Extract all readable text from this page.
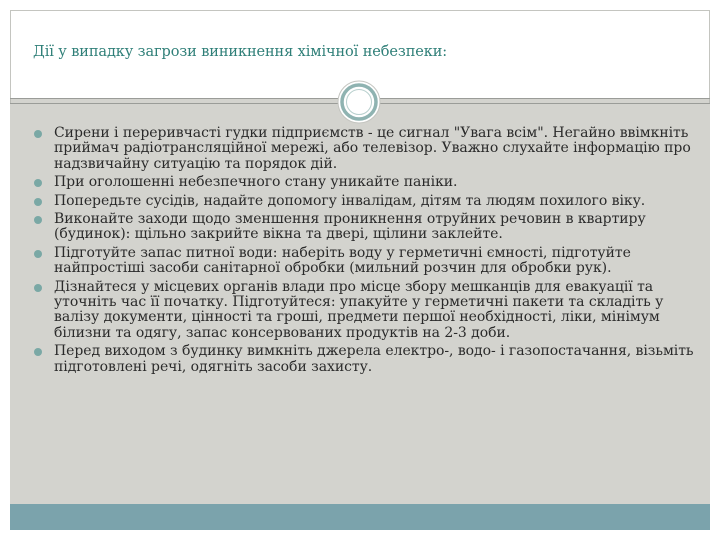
Дії у випадку загрози виникнення хімічної небезпеки:
Сирени і переривчасті гудки підприємств - це сигнал "Увага всім". Негайно ввімкніть приймач радіотрансляційної мережі, або телевізор. Уважно слухайте інформацію про надзвичайну ситуацію та порядок дій.
При оголошенні небезпечного стану уникайте паніки.
Попередьте сусідів, надайте допомогу інвалідам, дітям та людям похилого віку.
Виконайте заходи щодо зменшення проникнення отруйних речовин в квартиру (будинок): щільно закрийте вікна та двері, щілини заклейте.
Підготуйте запас питної води: наберіть воду у герметичні ємності, підготуйте найпростіші засоби санітарної обробки (мильний розчин для обробки рук).
Дізнайтеся у місцевих органів влади про місце збору мешканців для евакуації та уточніть час її початку. Підготуйтеся: упакуйте у герметичні пакети та складіть у валізу документи, цінності та гроші, предмети першої необхідності, ліки, мінімум білизни та одягу, запас консервованих продуктів на 2-3 доби.
Перед виходом з будинку вимкніть джерела електро-, водо- і газопостачання, візьміть підготовлені речі, одягніть засоби захисту.
